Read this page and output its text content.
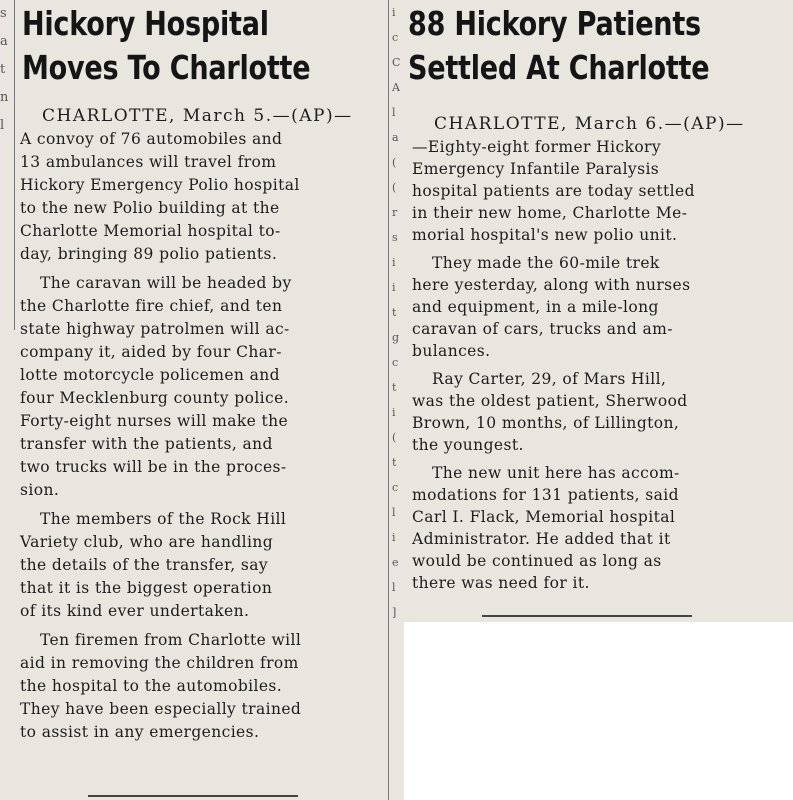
s
a
t
n
l
Hickory Hospital
Moves To Charlotte
CHARLOTTE, March 5.—(AP)—
A convoy of 76 automobiles and
13 ambulances will travel from
Hickory Emergency Polio hospital
to the new Polio building at the
Charlotte Memorial hospital to-
day, bringing 89 polio patients.
The caravan will be headed by
the Charlotte fire chief, and ten
state highway patrolmen will ac-
company it, aided by four Char-
lotte motorcycle policemen and
four Mecklenburg county police.
Forty-eight nurses will make the
transfer with the patients, and
two trucks will be in the proces-
sion.
The members of the Rock Hill
Variety club, who are handling
the details of the transfer, say
that it is the biggest operation
of its kind ever undertaken.
Ten firemen from Charlotte will
aid in removing the children from
the hospital to the automobiles.
They have been especially trained
to assist in any emergencies.
i
c
C
A
l
a
(
(
r
s
i
i
t
g
c
t
i
(
t
c
l
i
e
l
]
88 Hickory Patients
Settled At Charlotte
CHARLOTTE, March 6.—(AP)—
—Eighty-eight former Hickory
Emergency Infantile Paralysis
hospital patients are today settled
in their new home, Charlotte Me-
morial hospital's new polio unit.
They made the 60-mile trek
here yesterday, along with nurses
and equipment, in a mile-long
caravan of cars, trucks and am-
bulances.
Ray Carter, 29, of Mars Hill,
was the oldest patient, Sherwood
Brown, 10 months, of Lillington,
the youngest.
The new unit here has accom-
modations for 131 patients, said
Carl I. Flack, Memorial hospital
Administrator. He added that it
would be continued as long as
there was need for it.
